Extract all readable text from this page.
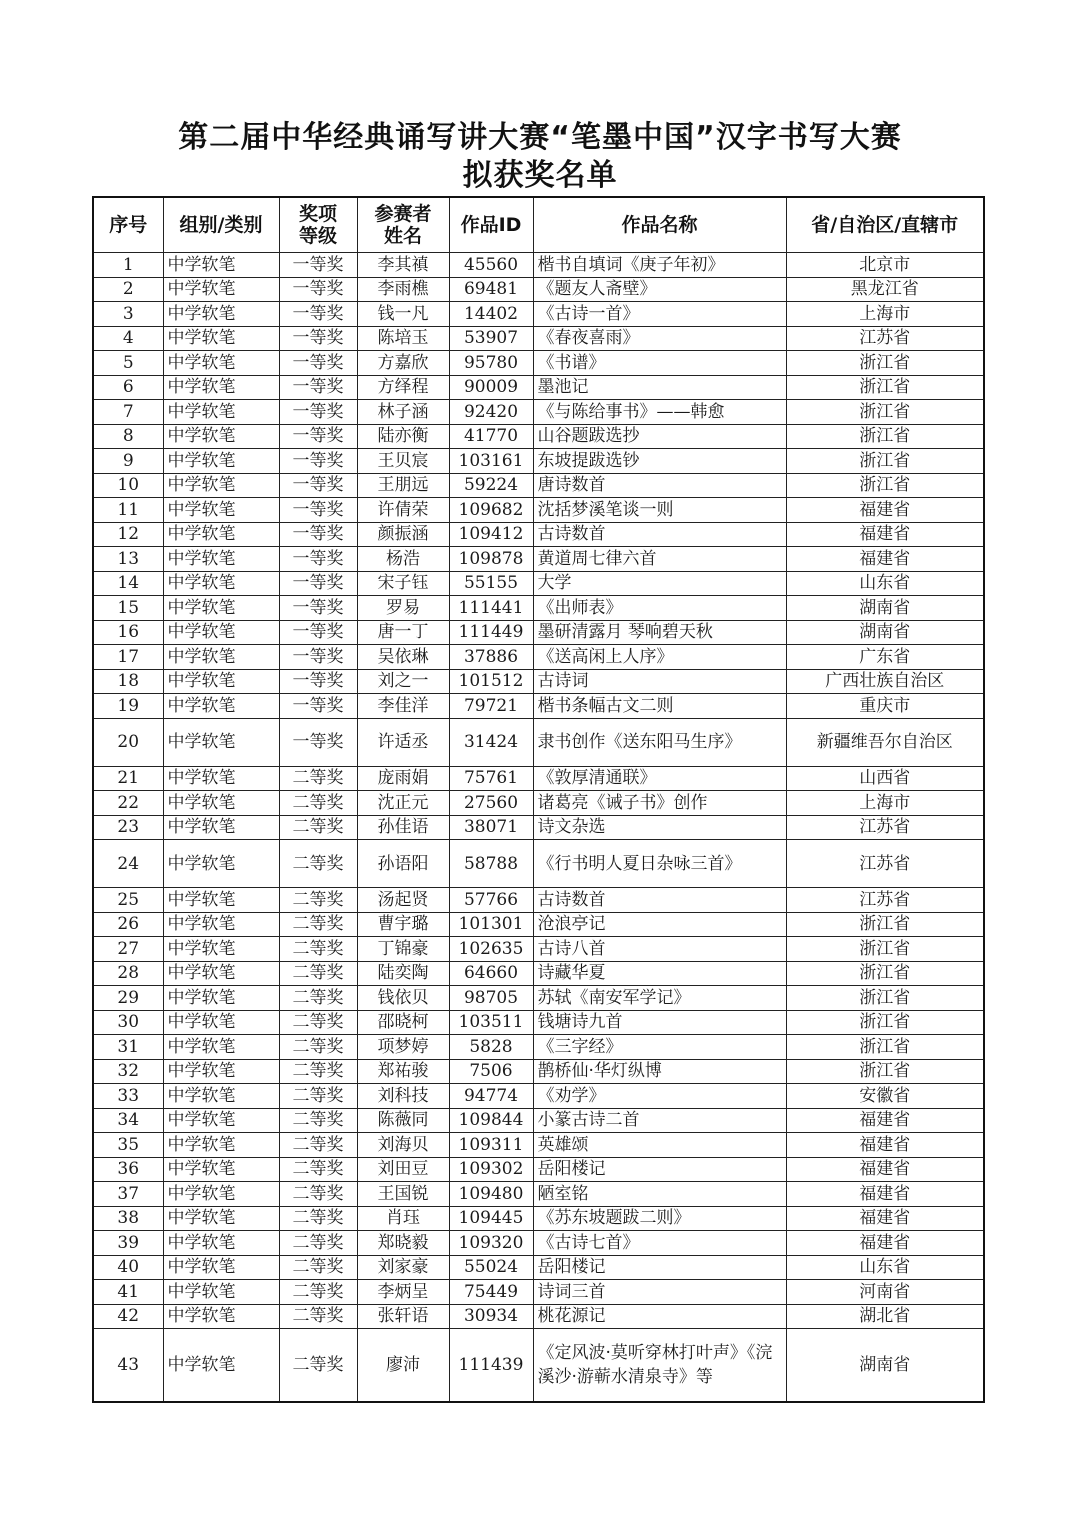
第二届中华经典诵写讲大赛“笔墨中国”汉字书写大赛
拟获奖名单
序号	组别/类别	奖项等级	参赛者姓名	作品ID	作品名称	省/自治区/直辖市
1	中学软笔	一等奖	李其禛	45560	楷书自填词《庚子年初》	北京市
2	中学软笔	一等奖	李雨樵	69481	《题友人斋壁》	黑龙江省
3	中学软笔	一等奖	钱一凡	14402	《古诗一首》	上海市
4	中学软笔	一等奖	陈培玉	53907	《春夜喜雨》	江苏省
5	中学软笔	一等奖	方嘉欣	95780	《书谱》	浙江省
6	中学软笔	一等奖	方绎程	90009	墨池记	浙江省
7	中学软笔	一等奖	林子涵	92420	《与陈给事书》——韩愈	浙江省
8	中学软笔	一等奖	陆亦衡	41770	山谷题跋选抄	浙江省
9	中学软笔	一等奖	王贝宸	103161	东坡提跋选钞	浙江省
10	中学软笔	一等奖	王朋远	59224	唐诗数首	浙江省
11	中学软笔	一等奖	许倩荣	109682	沈括梦溪笔谈一则	福建省
12	中学软笔	一等奖	颜振涵	109412	古诗数首	福建省
13	中学软笔	一等奖	杨浩	109878	黄道周七律六首	福建省
14	中学软笔	一等奖	宋子钰	55155	大学	山东省
15	中学软笔	一等奖	罗易	111441	《出师表》	湖南省
16	中学软笔	一等奖	唐一丁	111449	墨研清露月 琴响碧天秋	湖南省
17	中学软笔	一等奖	吴依琳	37886	《送高闲上人序》	广东省
18	中学软笔	一等奖	刘之一	101512	古诗词	广西壮族自治区
19	中学软笔	一等奖	李佳洋	79721	楷书条幅古文二则	重庆市
20	中学软笔	一等奖	许适丞	31424	隶书创作《送东阳马生序》	新疆维吾尔自治区
21	中学软笔	二等奖	庞雨娟	75761	《敦厚清通联》	山西省
22	中学软笔	二等奖	沈正元	27560	诸葛亮《诫子书》创作	上海市
23	中学软笔	二等奖	孙佳语	38071	诗文杂选	江苏省
24	中学软笔	二等奖	孙语阳	58788	《行书明人夏日杂咏三首》	江苏省
25	中学软笔	二等奖	汤起贤	57766	古诗数首	江苏省
26	中学软笔	二等奖	曹宇璐	101301	沧浪亭记	浙江省
27	中学软笔	二等奖	丁锦豪	102635	古诗八首	浙江省
28	中学软笔	二等奖	陆奕陶	64660	诗藏华夏	浙江省
29	中学软笔	二等奖	钱依贝	98705	苏轼《南安军学记》	浙江省
30	中学软笔	二等奖	邵晓柯	103511	钱塘诗九首	浙江省
31	中学软笔	二等奖	项梦婷	5828	《三字经》	浙江省
32	中学软笔	二等奖	郑祐骏	7506	鹊桥仙·华灯纵博	浙江省
33	中学软笔	二等奖	刘科技	94774	《劝学》	安徽省
34	中学软笔	二等奖	陈薇同	109844	小篆古诗二首	福建省
35	中学软笔	二等奖	刘海贝	109311	英雄颂	福建省
36	中学软笔	二等奖	刘田豆	109302	岳阳楼记	福建省
37	中学软笔	二等奖	王国锐	109480	陋室铭	福建省
38	中学软笔	二等奖	肖珏	109445	《苏东坡题跋二则》	福建省
39	中学软笔	二等奖	郑晓毅	109320	《古诗七首》	福建省
40	中学软笔	二等奖	刘家豪	55024	岳阳楼记	山东省
41	中学软笔	二等奖	李炳呈	75449	诗词三首	河南省
42	中学软笔	二等奖	张轩语	30934	桃花源记	湖北省
43	中学软笔	二等奖	廖沛	111439	《定风波·莫听穿林打叶声》《浣溪沙·游蕲水清泉寺》等	湖南省
